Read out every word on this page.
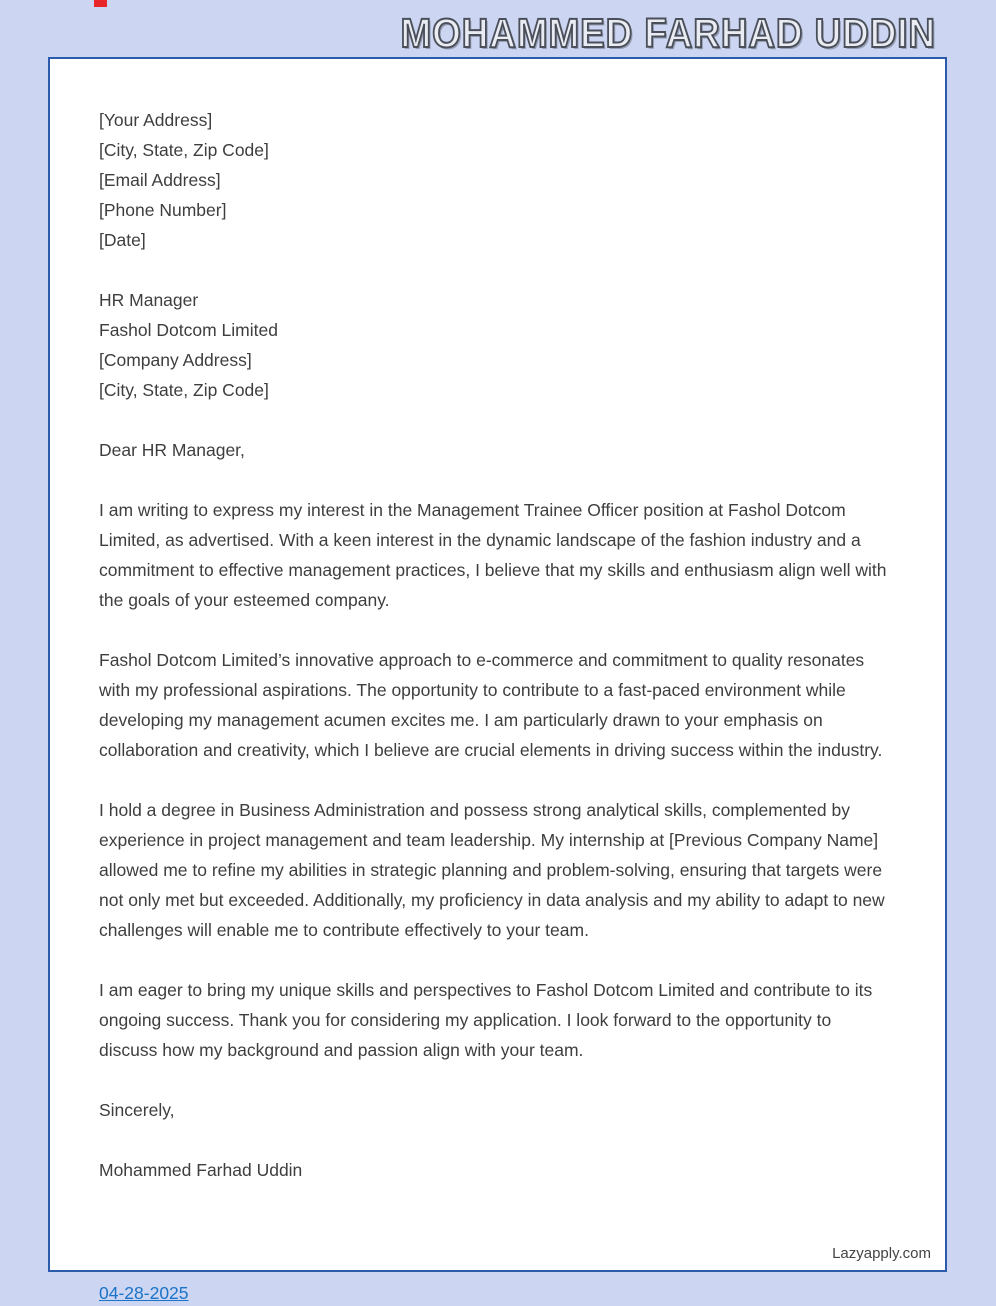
MOHAMMED FARHAD UDDIN
[Your Address]
[City, State, Zip Code]
[Email Address]
[Phone Number]
[Date]
HR Manager
Fashol Dotcom Limited
[Company Address]
[City, State, Zip Code]

Dear HR Manager,

I am writing to express my interest in the Management Trainee Officer position at Fashol Dotcom Limited, as advertised. With a keen interest in the dynamic landscape of the fashion industry and a commitment to effective management practices, I believe that my skills and enthusiasm align well with the goals of your esteemed company.

Fashol Dotcom Limited’s innovative approach to e-commerce and commitment to quality resonates with my professional aspirations. The opportunity to contribute to a fast-paced environment while developing my management acumen excites me. I am particularly drawn to your emphasis on collaboration and creativity, which I believe are crucial elements in driving success within the industry.

I hold a degree in Business Administration and possess strong analytical skills, complemented by experience in project management and team leadership. My internship at [Previous Company Name] allowed me to refine my abilities in strategic planning and problem-solving, ensuring that targets were not only met but exceeded. Additionally, my proficiency in data analysis and my ability to adapt to new challenges will enable me to contribute effectively to your team.

I am eager to bring my unique skills and perspectives to Fashol Dotcom Limited and contribute to its ongoing success. Thank you for considering my application. I look forward to the opportunity to discuss how my background and passion align with your team.

Sincerely,

Mohammed Farhad Uddin

Lazyapply.com
04-28-2025
